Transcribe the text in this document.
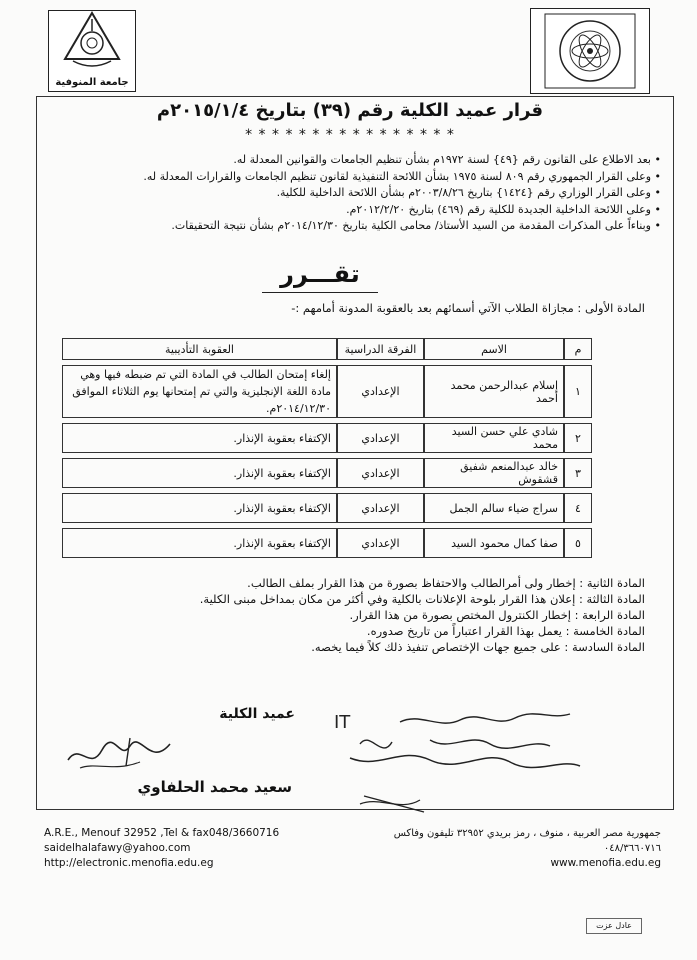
جامعة المنوفية
قرار عميد الكلية رقم (٣٩) بتاريخ ٢٠١٥/١/٤م
* * * * * * * * * * * * * * * *
• بعد الاطلاع على القانون رقم {٤٩} لسنة ١٩٧٢م بشأن تنظيم الجامعات والقوانين المعدلة له.
• وعلى القرار الجمهوري رقم ٨٠٩ لسنة ١٩٧٥ بشأن اللائحة التنفيذية لقانون تنظيم الجامعات والقرارات المعدلة له.
• وعلى القرار الوزاري رقم {١٤٢٤} بتاريخ ٢٠٠٣/٨/٢٦م بشأن اللائحة الداخلية للكلية.
• وعلى اللائحة الداخلية الجديدة للكلية رقم (٤٦٩) بتاريخ ٢٠١٢/٢/٢٠م.
• وبناءاً على المذكرات المقدمة من السيد الأستاذ/ محامى الكلية بتاريخ ٢٠١٤/١٢/٣٠م بشأن نتيجة التحقيقات.
تقـــرر
المادة الأولى : مجازاة الطلاب الآتي أسمائهم بعد بالعقوبة المدونة أمامهم :-
م	الاسم	الفرقة الدراسية	العقوبة التأديبية
١	إسلام عبدالرحمن محمد أحمد	الإعدادي	إلغاء إمتحان الطالب في المادة التي تم ضبطه فيها وهي مادة اللغة الإنجليزية والتي تم إمتحانها يوم الثلاثاء الموافق ٢٠١٤/١٢/٣٠م.
٢	شادي علي حسن السيد محمد	الإعدادي	الإكتفاء بعقوبة الإنذار.
٣	خالد عبدالمنعم شفيق قشقوش	الإعدادي	الإكتفاء بعقوبة الإنذار.
٤	سراج ضياء سالم الجمل	الإعدادي	الإكتفاء بعقوبة الإنذار.
٥	صفا كمال محمود السيد	الإعدادي	الإكتفاء بعقوبة الإنذار.
المادة الثانية : إخطار ولى أمرالطالب والاحتفاظ بصورة من هذا القرار بملف الطالب.
المادة الثالثة : إعلان هذا القرار بلوحة الإعلانات بالكلية وفي أكثر من مكان بمداخل مبنى الكلية.
المادة الرابعة : إخطار الكنترول المختص بصورة من هذا القرار.
المادة الخامسة : يعمل بهذا القرار اعتباراً من تاريخ صدوره.
المادة السادسة : على جميع جهات الإختصاص تنفيذ ذلك كلاً فيما يخصه.
عميد الكلية
سعيد محمد الحلفاوي
IT
A.R.E., Menouf 32952 ,Tel & fax048/3660716
saidelhalafawy@yahoo.com
http://electronic.menofia.edu.eg
جمهورية مصر العربية ، منوف ، رمز بريدي ٣٢٩٥٢ تليفون وفاكس ٠٤٨/٣٦٦٠٧١٦
www.menofia.edu.eg
عادل عزت
